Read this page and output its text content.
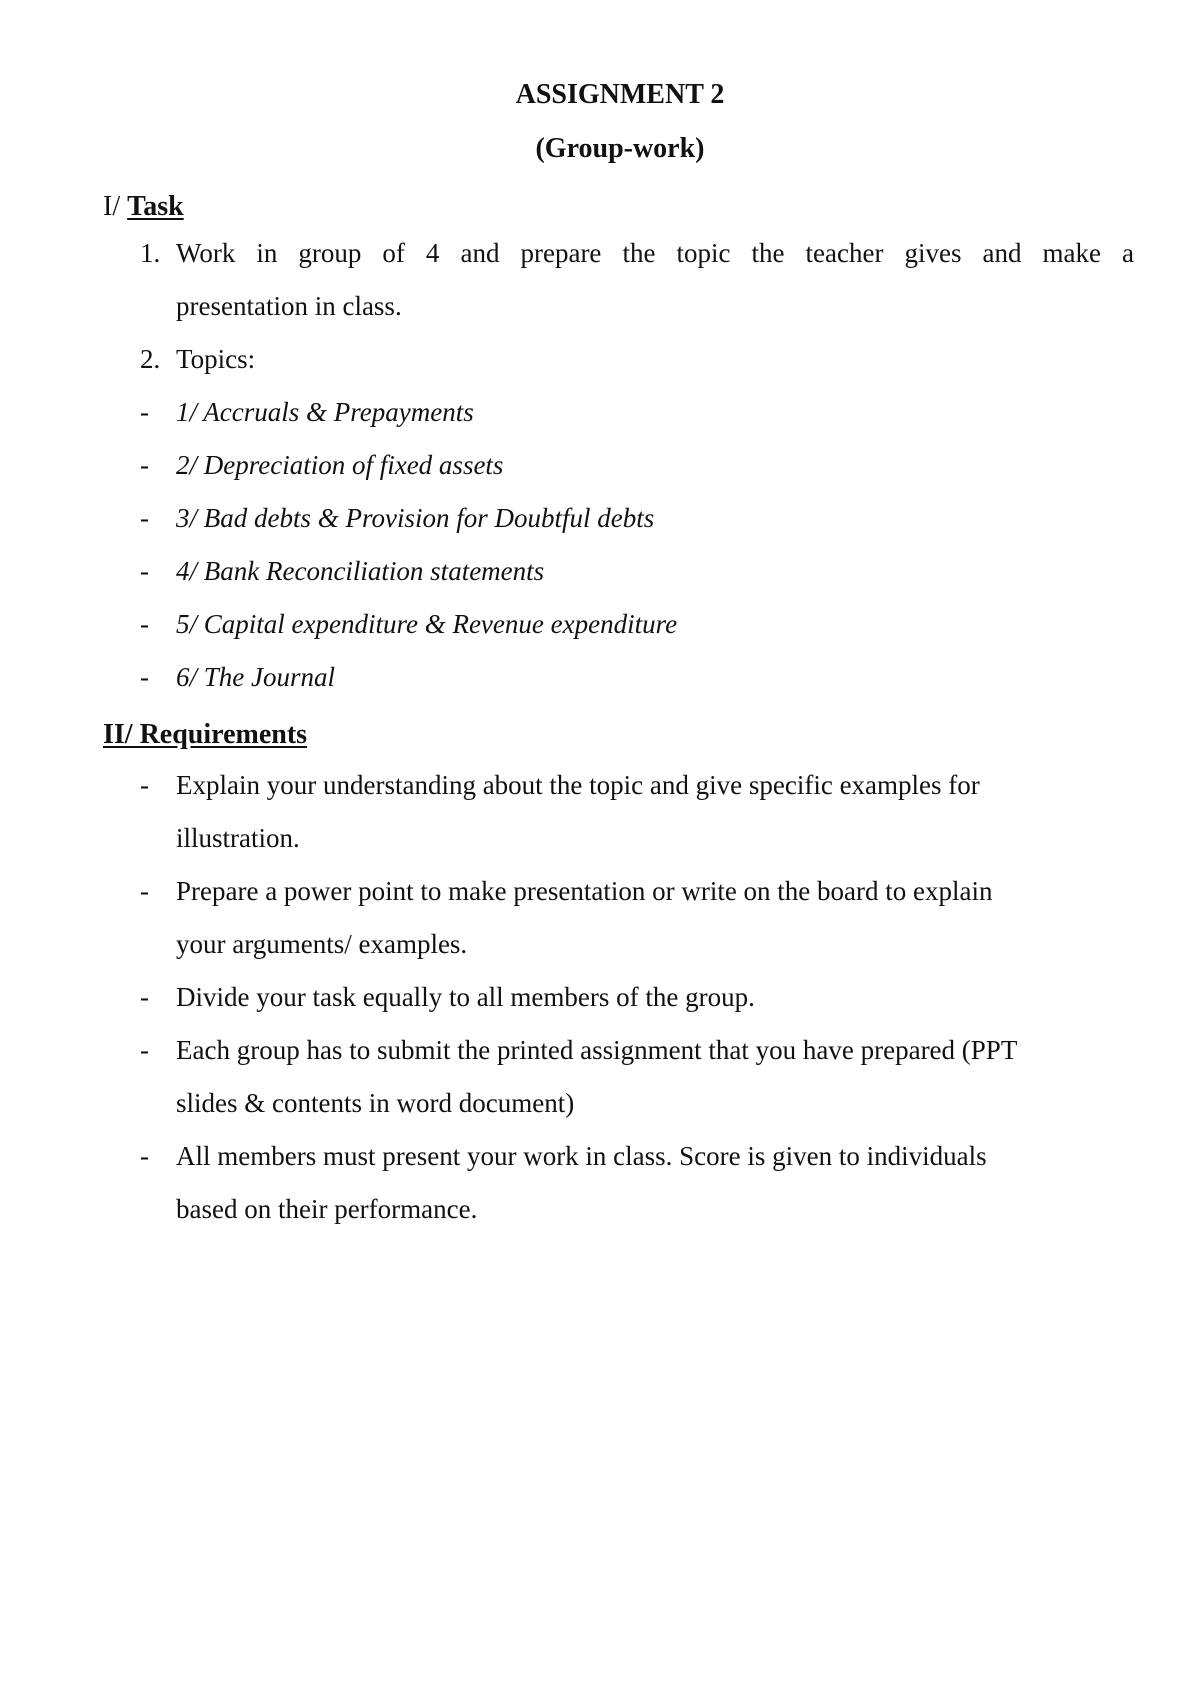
ASSIGNMENT 2
(Group-work)
I/ Task
1. Work in group of 4 and prepare the topic the teacher gives and make a
presentation in class.
2. Topics:
- 1/ Accruals & Prepayments
- 2/ Depreciation of fixed assets
- 3/ Bad debts & Provision for Doubtful debts
- 4/ Bank Reconciliation statements
- 5/ Capital expenditure & Revenue expenditure
- 6/ The Journal
II/ Requirements
- Explain your understanding about the topic and give specific examples for
illustration.
- Prepare a power point to make presentation or write on the board to explain
your arguments/ examples.
- Divide your task equally to all members of the group.
- Each group has to submit the printed assignment that you have prepared (PPT
slides & contents in word document)
- All members must present your work in class. Score is given to individuals
based on their performance.
